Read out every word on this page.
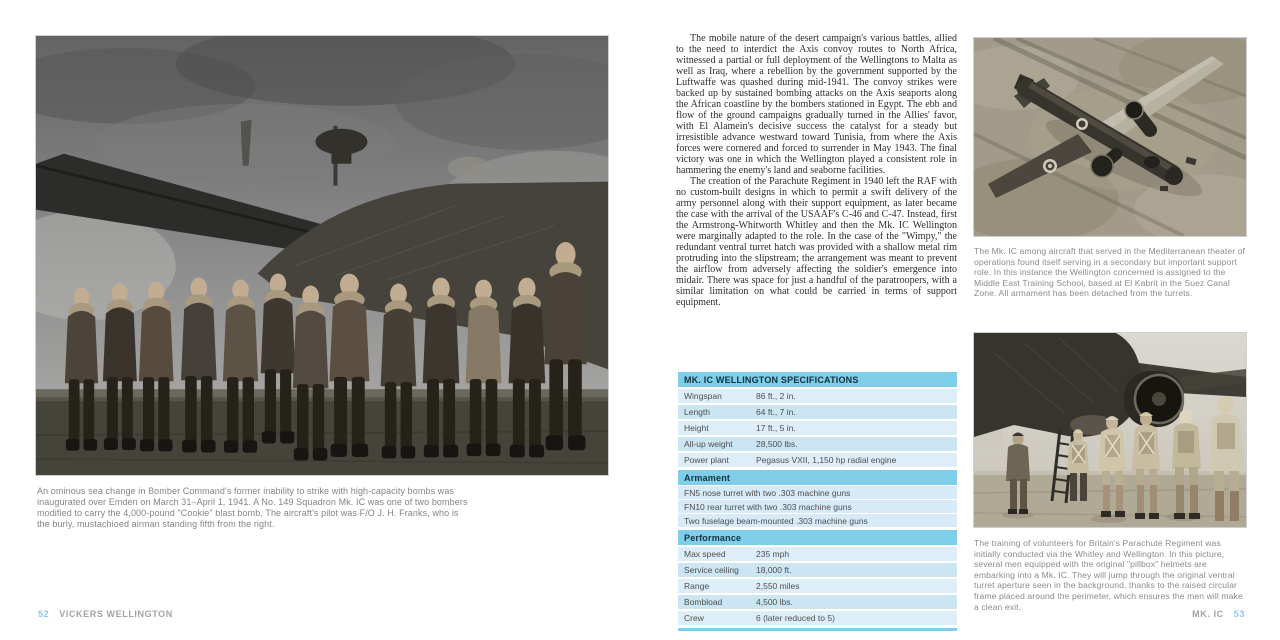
An ominous sea change in Bomber Command's former inability to strike with high-capacity bombs was inaugurated over Emden on March 31–April 1, 1941. A No. 149 Squadron Mk. IC was one of two bombers modified to carry the 4,000-pound "Cookie" blast bomb. The aircraft's pilot was F/O J. H. Franks, who is the burly, mustachioed airman standing fifth from the right.
52 VICKERS WELLINGTON

The mobile nature of the desert campaign's various battles, allied to the need to interdict the Axis convoy routes to North Africa, witnessed a partial or full deployment of the Wellingtons to Malta as well as Iraq, where a rebellion by the government supported by the Luftwaffe was quashed during mid-1941. The convoy strikes were backed up by sustained bombing attacks on the Axis seaports along the African coastline by the bombers stationed in Egypt. The ebb and flow of the ground campaigns gradually turned in the Allies' favor, with El Alamein's decisive success the catalyst for a steady but irresistible advance westward toward Tunisia, from where the Axis forces were cornered and forced to surrender in May 1943. The final victory was one in which the Wellington played a consistent role in hammering the enemy's land and seaborne facilities.

The creation of the Parachute Regiment in 1940 left the RAF with no custom-built designs in which to permit a swift delivery of the army personnel along with their support equipment, as later became the case with the arrival of the USAAF's C-46 and C-47. Instead, first the Armstrong-Whitworth Whitley and then the Mk. IC Wellington were marginally adapted to the role. In the case of the "Wimpy," the redundant ventral turret hatch was provided with a shallow metal rim protruding into the slipstream; the arrangement was meant to prevent the airflow from adversely affecting the soldier's emergence into midair. There was space for just a handful of the paratroopers, with a similar limitation on what could be carried in terms of support equipment.

MK. IC WELLINGTON SPECIFICATIONS
Wingspan	86 ft., 2 in.
Length	64 ft., 7 in.
Height	17 ft., 5 in.
All-up weight	28,500 lbs.
Power plant	Pegasus VXII, 1,150 hp radial engine
Armament
FN5 nose turret with two .303 machine guns
FN10 rear turret with two .303 machine guns
Two fuselage beam-mounted .303 machine guns
Performance
Max speed	235 mph
Service ceiling	18,000 ft.
Range	2,550 miles
Bombload	4,500 lbs.
Crew	6 (later reduced to 5)
The Mk. IC among aircraft that served in the Mediterranean theater of operations found itself serving in a secondary but important support role. In this instance the Wellington concerned is assigned to the Middle East Training School, based at El Kabrit in the Suez Canal Zone. All armament has been detached from the turrets.
The training of volunteers for Britain's Parachute Regiment was initially conducted via the Whitley and Wellington. In this picture, several men equipped with the original "pillbox" helmets are embarking into a Mk. IC. They will jump through the original ventral turret aperture seen in the background, thanks to the raised circular frame placed around the perimeter, which ensures the men will make a clean exit.
MK. IC 53
